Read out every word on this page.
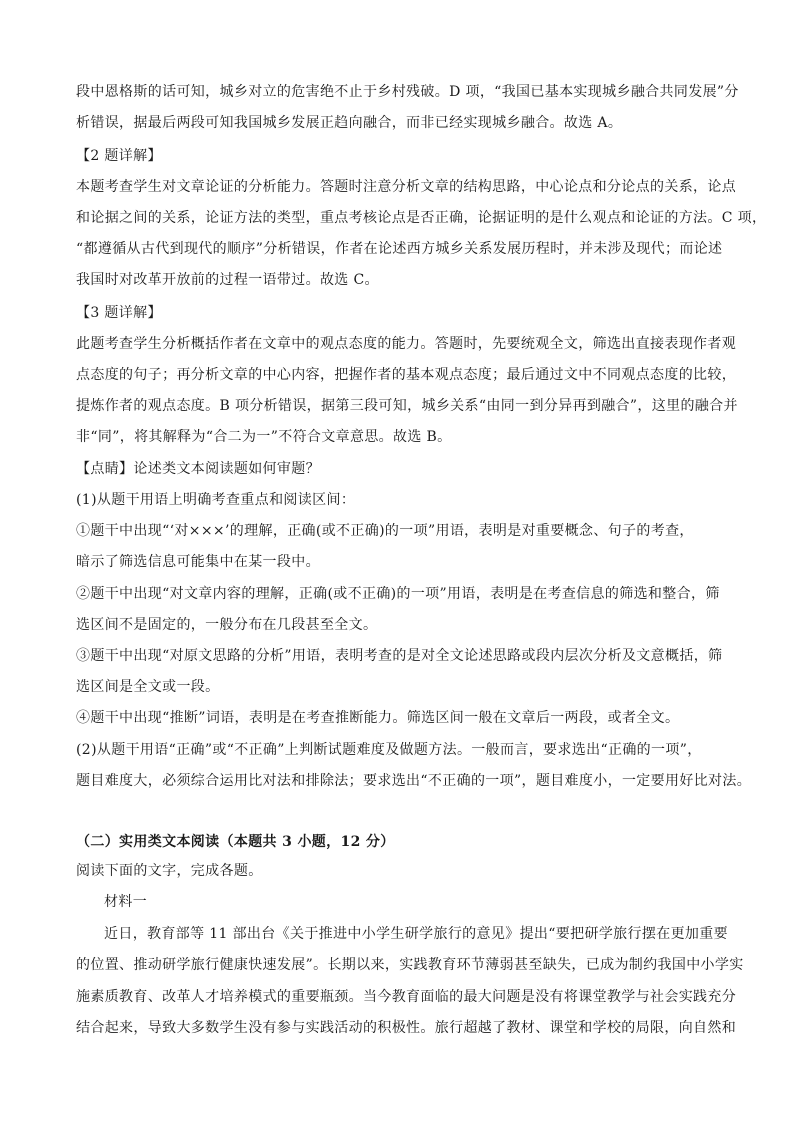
段中恩格斯的话可知，城乡对立的危害绝不止于乡村残破。D 项，“我国已基本实现城乡融合共同发展”分
析错误，据最后两段可知我国城乡发展正趋向融合，而非已经实现城乡融合。故选 A。
【2 题详解】
本题考查学生对文章论证的分析能力。答题时注意分析文章的结构思路，中心论点和分论点的关系，论点
和论据之间的关系，论证方法的类型，重点考核论点是否正确，论据证明的是什么观点和论证的方法。C 项，
“都遵循从古代到现代的顺序”分析错误，作者在论述西方城乡关系发展历程时，并未涉及现代；而论述
我国时对改革开放前的过程一语带过。故选 C。
【3 题详解】
此题考查学生分析概括作者在文章中的观点态度的能力。答题时，先要统观全文，筛选出直接表现作者观
点态度的句子；再分析文章的中心内容，把握作者的基本观点态度；最后通过文中不同观点态度的比较，
提炼作者的观点态度。B 项分析错误，据第三段可知，城乡关系“由同一到分异再到融合”，这里的融合并
非“同”，将其解释为“合二为一”不符合文章意思。故选 B。
【点睛】论述类文本阅读题如何审题？
(1)从题干用语上明确考查重点和阅读区间：
①题干中出现“‘对×××’的理解，正确(或不正确)的一项”用语，表明是对重要概念、句子的考查，
暗示了筛选信息可能集中在某一段中。
②题干中出现“对文章内容的理解，正确(或不正确)的一项”用语，表明是在考查信息的筛选和整合，筛
选区间不是固定的，一般分布在几段甚至全文。
③题干中出现“对原文思路的分析”用语，表明考查的是对全文论述思路或段内层次分析及文意概括，筛
选区间是全文或一段。
④题干中出现“推断”词语，表明是在考查推断能力。筛选区间一般在文章后一两段，或者全文。
(2)从题干用语“正确”或“不正确”上判断试题难度及做题方法。一般而言，要求选出“正确的一项”，
题目难度大，必须综合运用比对法和排除法；要求选出“不正确的一项”，题目难度小，一定要用好比对法。
（二）实用类文本阅读（本题共 3 小题，12 分）
阅读下面的文字，完成各题。
材料一
近日，教育部等 11 部出台《关于推进中小学生研学旅行的意见》提出“要把研学旅行摆在更加重要
的位置、推动研学旅行健康快速发展”。长期以来，实践教育环节薄弱甚至缺失，已成为制约我国中小学实
施素质教育、改革人才培养模式的重要瓶颈。当今教育面临的最大问题是没有将课堂教学与社会实践充分
结合起来，导致大多数学生没有参与实践活动的积极性。旅行超越了教材、课堂和学校的局限，向自然和
